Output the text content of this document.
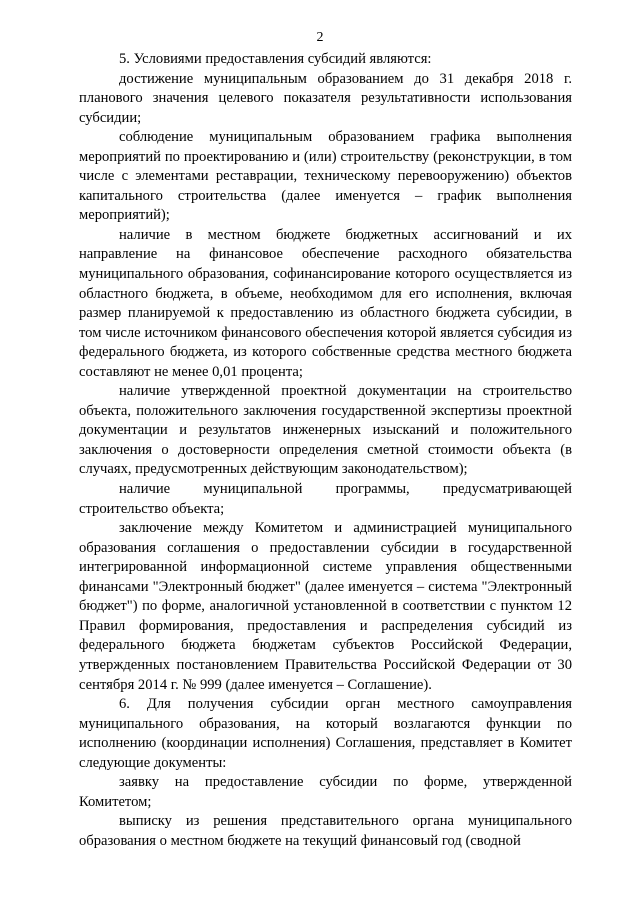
2

5. Условиями предоставления субсидий являются:

достижение муниципальным образованием до 31 декабря 2018 г. планового значения целевого показателя результативности использования субсидии;

соблюдение муниципальным образованием графика выполнения мероприятий по проектированию и (или) строительству (реконструкции, в том числе с элементами реставрации, техническому перевооружению) объектов капитального строительства (далее именуется – график выполнения мероприятий);

наличие в местном бюджете бюджетных ассигнований и их направление на финансовое обеспечение расходного обязательства муниципального образования, софинансирование которого осуществляется из областного бюджета, в объеме, необходимом для его исполнения, включая размер планируемой к предоставлению из областного бюджета субсидии, в том числе источником финансового обеспечения которой является субсидия из федерального бюджета, из которого собственные средства местного бюджета составляют не менее 0,01 процента;

наличие утвержденной проектной документации на строительство объекта, положительного заключения государственной экспертизы проектной документации и результатов инженерных изысканий и положительного заключения о достоверности определения сметной стоимости объекта (в случаях, предусмотренных действующим законодательством);

наличие муниципальной программы, предусматривающей строительство объекта;

заключение между Комитетом и администрацией муниципального образования соглашения о предоставлении субсидии в государственной интегрированной информационной системе управления общественными финансами "Электронный бюджет" (далее именуется – система "Электронный бюджет") по форме, аналогичной установленной в соответствии с пунктом 12 Правил формирования, предоставления и распределения субсидий из федерального бюджета бюджетам субъектов Российской Федерации, утвержденных постановлением Правительства Российской Федерации от 30 сентября 2014 г. № 999 (далее именуется – Соглашение).

6. Для получения субсидии орган местного самоуправления муниципального образования, на который возлагаются функции по исполнению (координации исполнения) Соглашения, представляет в Комитет следующие документы:

заявку на предоставление субсидии по форме, утвержденной Комитетом;

выписку из решения представительного органа муниципального образования о местном бюджете на текущий финансовый год (сводной
